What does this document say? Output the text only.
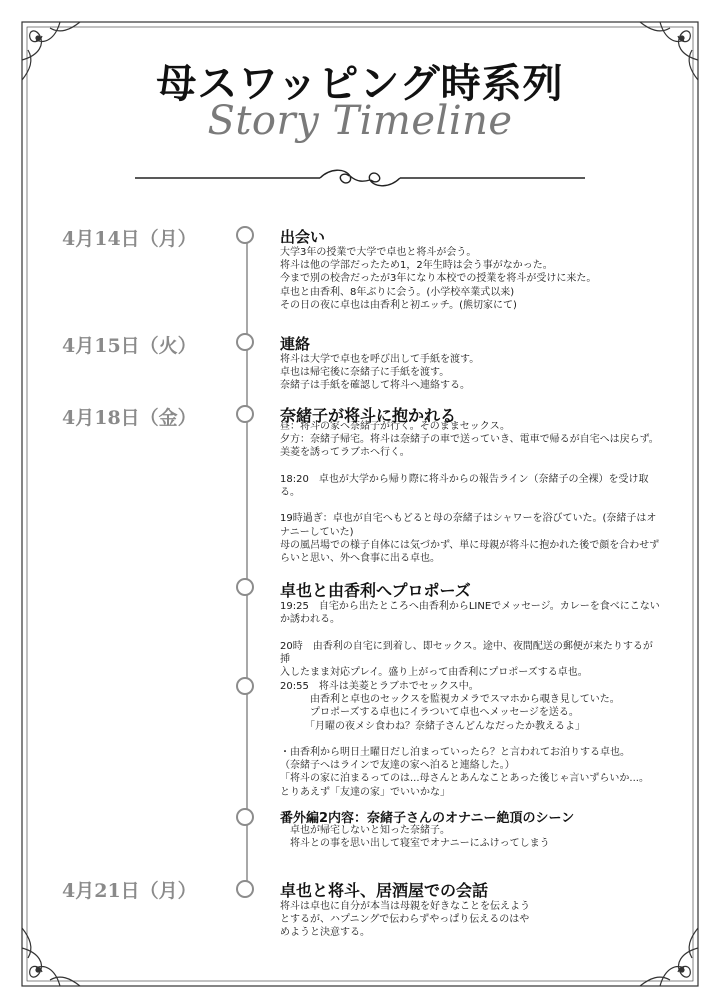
母スワッピング時系列
Story Timeline
4月14日（月）	出会い
大学3年の授業で大学で卓也と将斗が会う。
将斗は他の学部だったため1，2年生時は会う事がなかった。
今まで別の校舎だったが3年になり本校での授業を将斗が受けに来た。
卓也と由香利、8年ぶりに会う。(小学校卒業式以来)
その日の夜に卓也は由香利と初エッチ。(熊切家にて)
4月15日（火）	連絡
将斗は大学で卓也を呼び出して手紙を渡す。
卓也は帰宅後に奈緒子に手紙を渡す。
奈緒子は手紙を確認して将斗へ連絡する。
4月18日（金）	奈緒子が将斗に抱かれる
昼：将斗の家へ奈緒子が行く。そのままセックス。
夕方：奈緒子帰宅。将斗は奈緒子の車で送っていき、電車で帰るが自宅へは戻らず。
美菱を誘ってラブホへ行く。

18:20　卓也が大学から帰り際に将斗からの報告ライン（奈緒子の全裸）を受け取
る。

19時過ぎ：卓也が自宅へもどると母の奈緒子はシャワーを浴びていた。(奈緒子はオ
ナニーしていた)
母の風呂場での様子自体には気づかず、単に母親が将斗に抱かれた後で顔を合わせず
らいと思い、外へ食事に出る卓也。
卓也と由香利へプロポーズ
19:25　自宅から出たところへ由香利からLINEでメッセージ。カレーを食べにこない
か誘われる。

20時　由香利の自宅に到着し、即セックス。途中、夜間配送の郵便が来たりするが挿
入したまま対応プレイ。盛り上がって由香利にプロポーズする卓也。
20:55　将斗は美菱とラブホでセックス中。
　　　由香利と卓也のセックスを監視カメラでスマホから覗き見していた。
　　　プロポーズする卓也にイラついて卓也へメッセージを送る。
　　　「月曜の夜メシ食わね？奈緒子さんどんなだったか教えるよ」

・由香利から明日土曜日だし泊まっていったら？と言われてお泊りする卓也。
（奈緒子へはラインで友達の家へ泊ると連絡した。）
「将斗の家に泊まるってのは...母さんとあんなことあった後じゃ言いずらいか...。
とりあえず「友達の家」でいいかな」
番外編2内容：奈緒子さんのオナニー絶頂のシーン
　卓也が帰宅しないと知った奈緒子。
　将斗との事を思い出して寝室でオナニーにふけってしまう
4月21日（月）	卓也と将斗、居酒屋での会話
将斗は卓也に自分が本当は母親を好きなことを伝えよう
とするが、ハプニングで伝わらずやっぱり伝えるのはや
めようと決意する。
